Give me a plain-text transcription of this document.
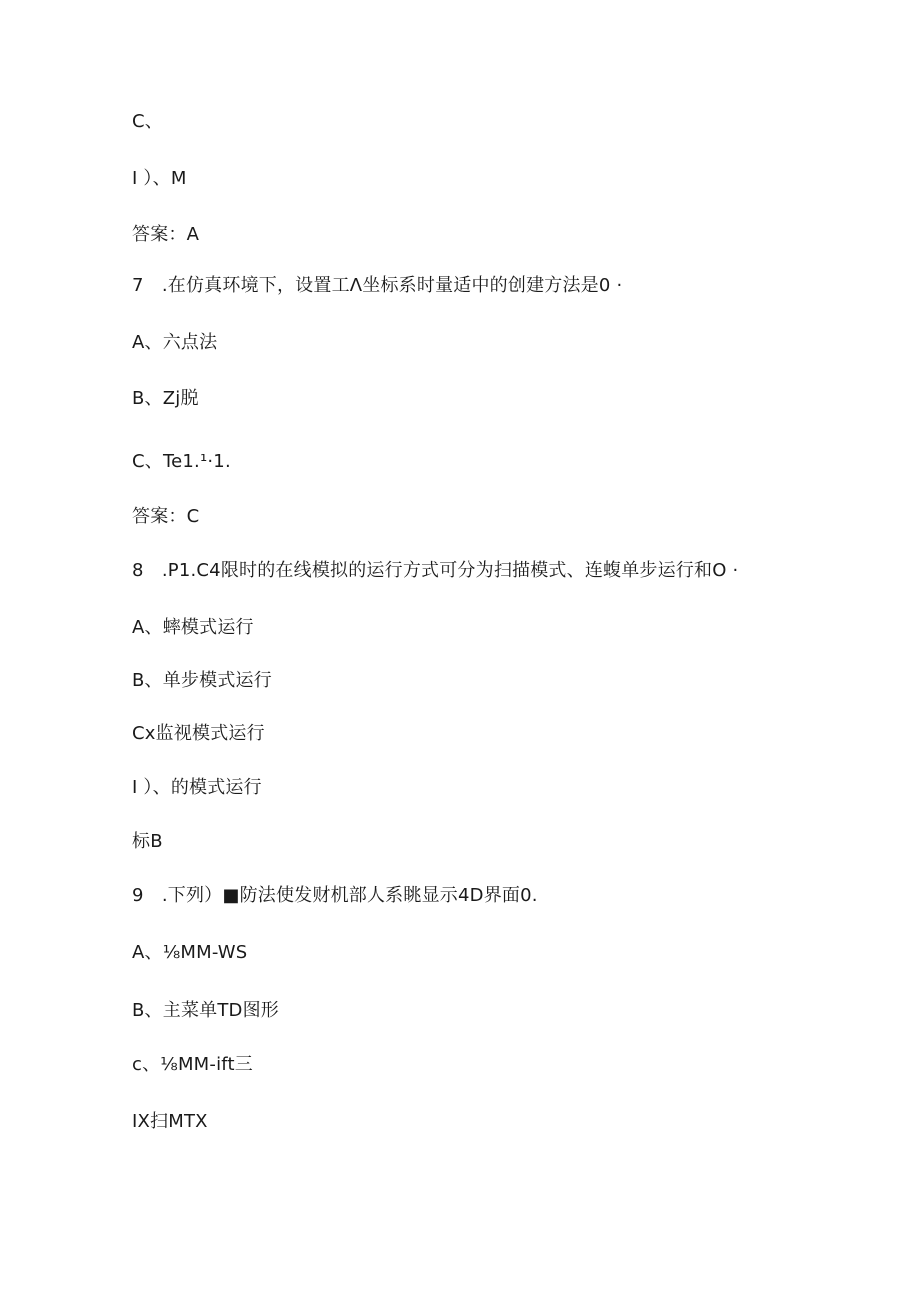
C、
I ）、M
答案：A
7　.在仿真环境下，设置工Λ坐标系时量适中的创建方法是0 ·
A、六点法
B、Zj脱
C、Te1.¹·1.
答案：C
8　.P1.C4限时的在线模拟的运行方式可分为扫描模式、连蝮单步运行和O ·
A、蟀模式运行
B、单步模式运行
Cx监视模式运行
I ）、的模式运行
标B
9　.下列）■防法使发财机部人系眺显示4D界面0.
A、⅛MM-WS
B、主菜单TD图形
c、⅛MM-ift三
IX扫MTX
